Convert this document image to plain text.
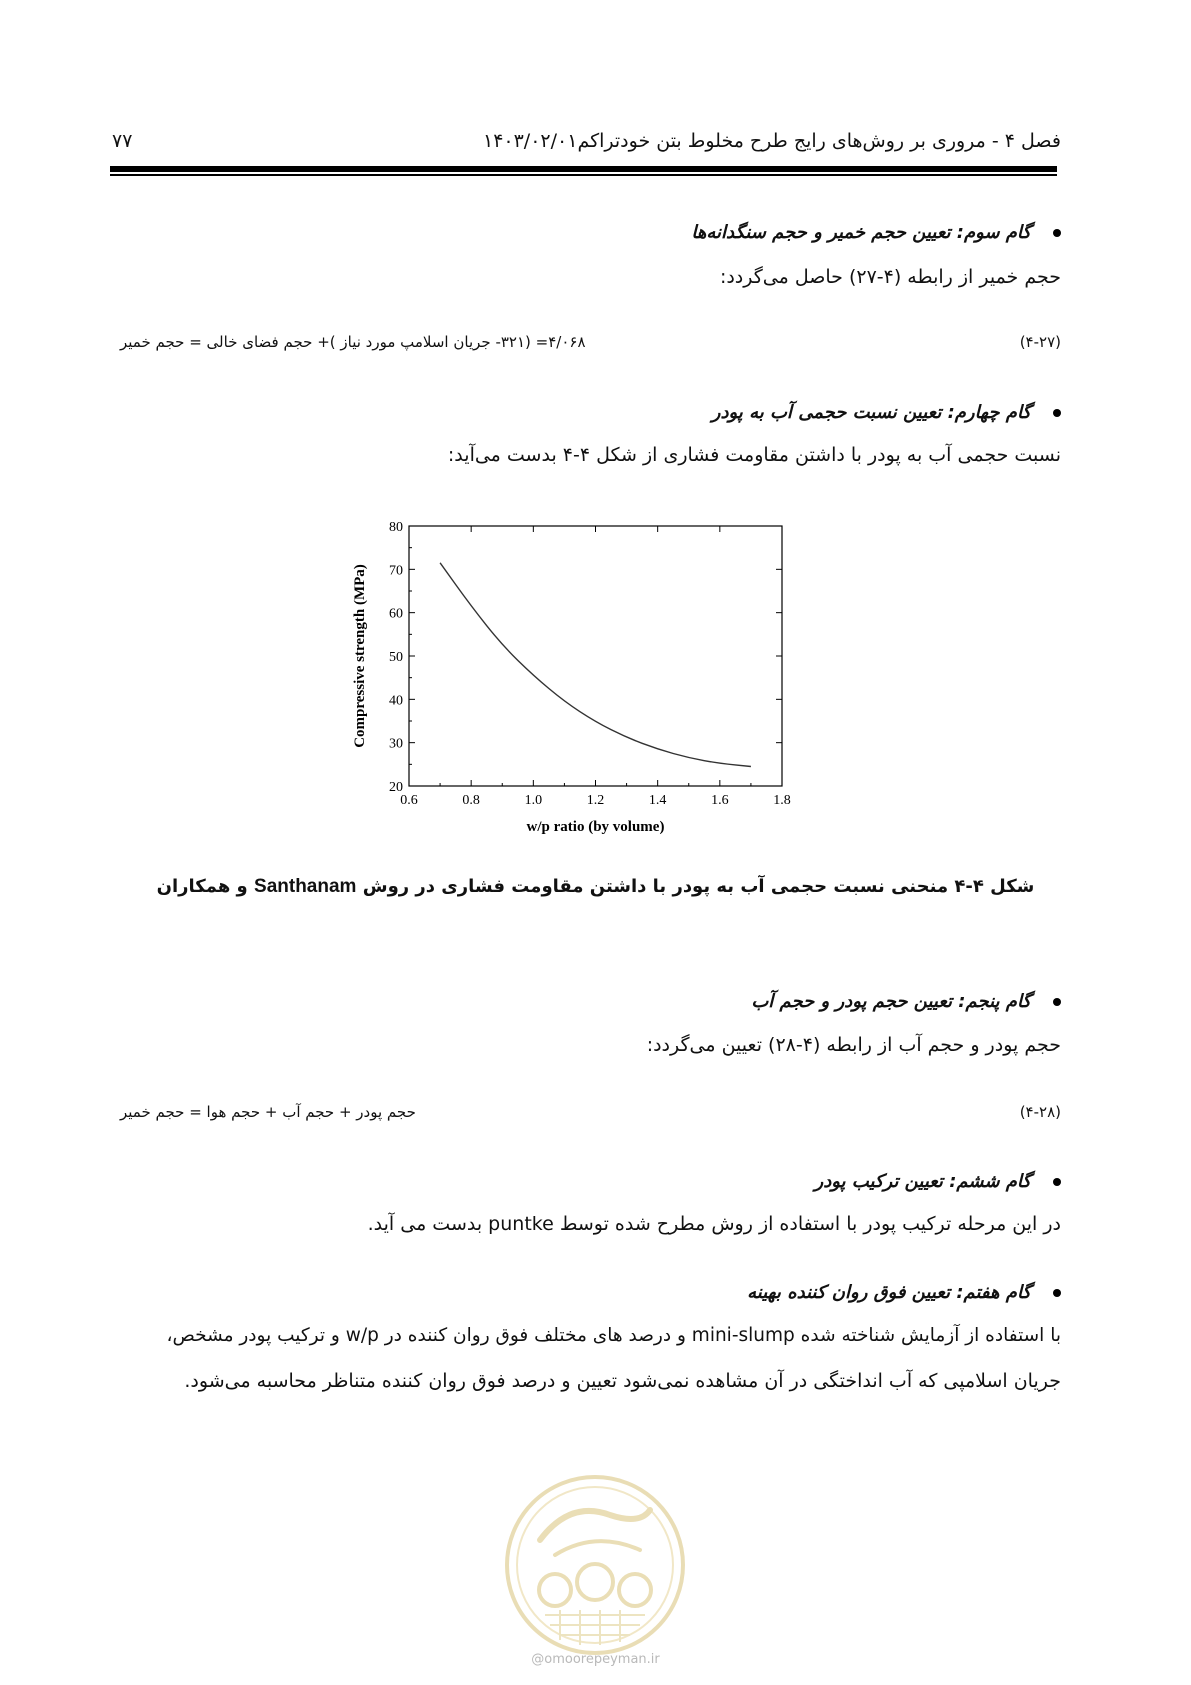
فصل ۴ - مروری بر روش‌های رایج طرح مخلوط بتن خودتراکم۱۴۰۳/۰۲/۰۱
۷۷
گام سوم: تعیین حجم خمیر و حجم سنگدانه‌ها
حجم خمیر از رابطه (۴-۲۷) حاصل می‌گردد:
(۴-۲۷)
۴/۰۶۸= (۳۲۱- جریان اسلامپ مورد نیاز )+ حجم فضای خالی = حجم خمیر
گام چهارم: تعیین نسبت حجمی آب به پودر
نسبت حجمی آب به پودر با داشتن مقاومت فشاری از شکل ۴-۴ بدست می‌آید:
0.6	0.8	1.0	1.2	1.4	1.6	1.8
20
30
40
50
60
70
80
w/p ratio (by volume)
Compressive strength (MPa)
شکل ۴-۴ منحنی نسبت حجمی آب به پودر با داشتن مقاومت فشاری در روش Santhanam و همکاران
گام پنجم: تعیین حجم پودر و حجم آب
حجم پودر و حجم آب از رابطه (۴-۲۸) تعیین می‌گردد:
(۴-۲۸)
حجم پودر + حجم آب + حجم هوا = حجم خمیر
گام ششم: تعیین ترکیب پودر
در این مرحله ترکیب پودر با استفاده از روش مطرح شده توسط puntke بدست می آید.
گام هفتم: تعیین فوق روان کننده بهینه
با استفاده از آزمایش شناخته شده mini-slump و درصد های مختلف فوق روان کننده در w/p و ترکیب پودر مشخص،
جریان اسلامپی که آب انداختگی در آن مشاهده نمی‌شود تعیین و درصد فوق روان کننده متناظر محاسبه می‌شود.
@omoorepeyman.ir
